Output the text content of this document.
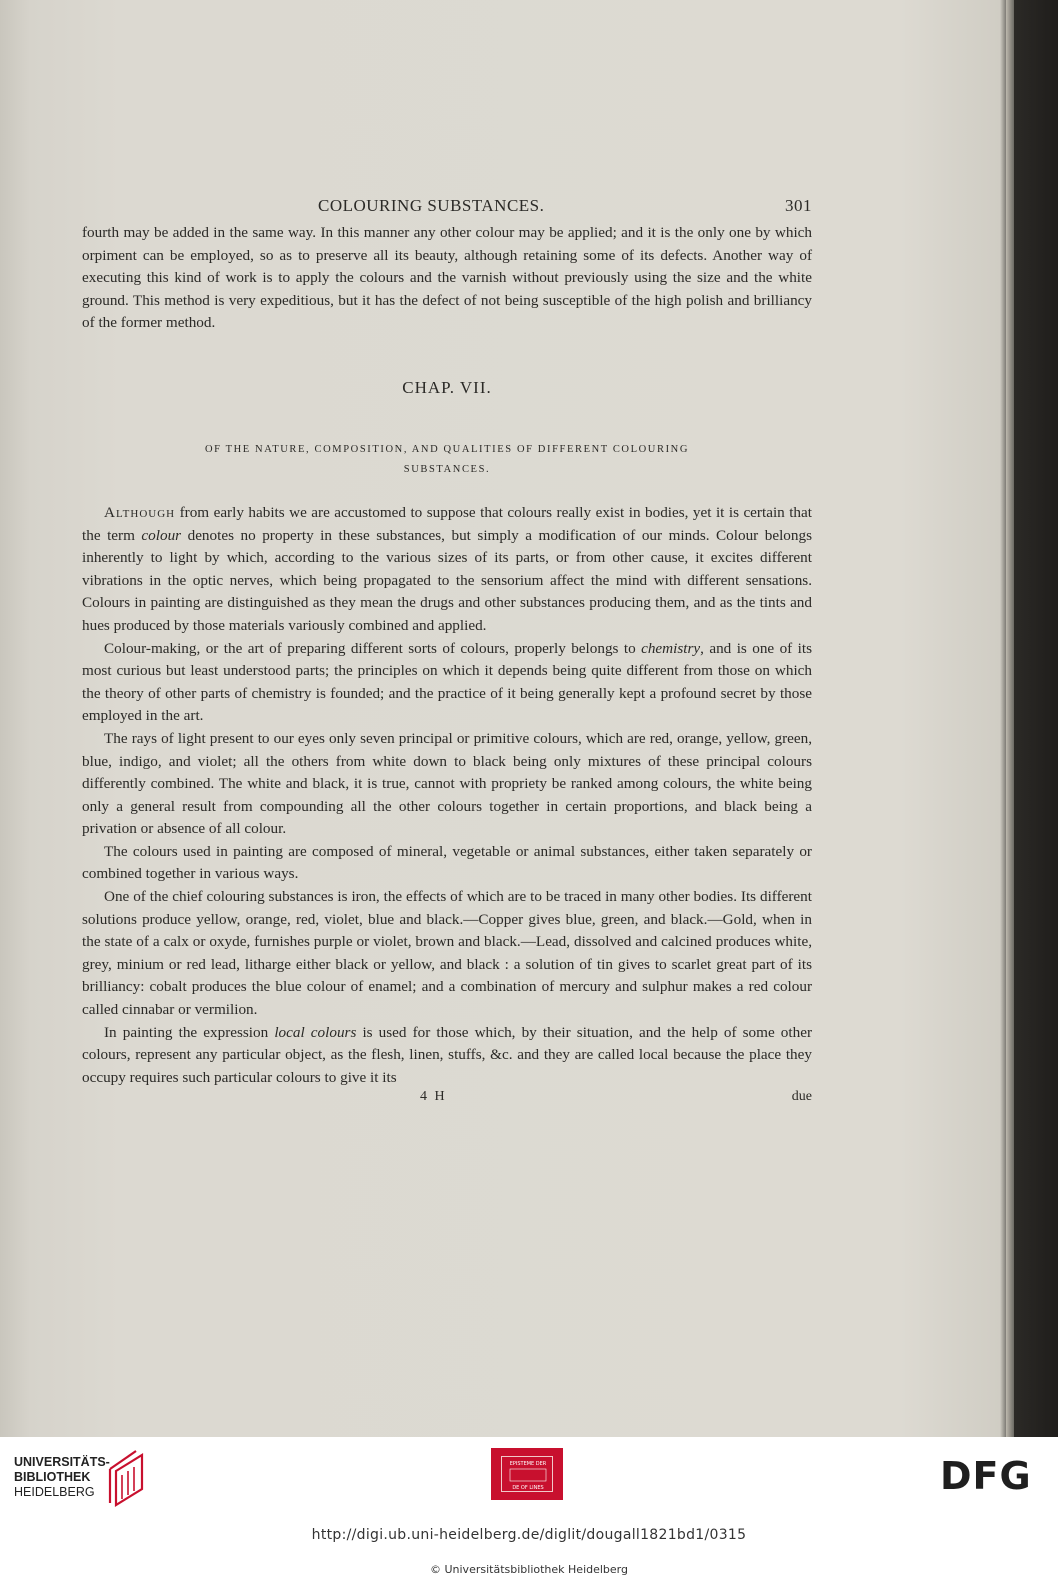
COLOURING SUBSTANCES.	301

fourth may be added in the same way. In this manner any other colour may be applied; and it is the only one by which orpiment can be employed, so as to preserve all its beauty, although retaining some of its defects. Another way of executing this kind of work is to apply the colours and the varnish without previously using the size and the white ground. This method is very expeditious, but it has the defect of not being susceptible of the high polish and brilliancy of the former method.

CHAP. VII.
OF THE NATURE, COMPOSITION, AND QUALITIES OF DIFFERENT COLOURING
SUBSTANCES.

Although from early habits we are accustomed to suppose that colours really exist in bodies, yet it is certain that the term colour denotes no property in these substances, but simply a modification of our minds. Colour belongs inherently to light by which, according to the various sizes of its parts, or from other cause, it excites different vibrations in the optic nerves, which being propagated to the sensorium affect the mind with different sensations. Colours in painting are distinguished as they mean the drugs and other substances producing them, and as the tints and hues produced by those materials variously combined and applied.

Colour-making, or the art of preparing different sorts of colours, properly belongs to chemistry, and is one of its most curious but least understood parts; the principles on which it depends being quite different from those on which the theory of other parts of chemistry is founded; and the practice of it being generally kept a profound secret by those employed in the art.

The rays of light present to our eyes only seven principal or primitive colours, which are red, orange, yellow, green, blue, indigo, and violet; all the others from white down to black being only mixtures of these principal colours differently combined. The white and black, it is true, cannot with propriety be ranked among colours, the white being only a general result from compounding all the other colours together in certain proportions, and black being a privation or absence of all colour.

The colours used in painting are composed of mineral, vegetable or animal substances, either taken separately or combined together in various ways.

One of the chief colouring substances is iron, the effects of which are to be traced in many other bodies. Its different solutions produce yellow, orange, red, violet, blue and black.—Copper gives blue, green, and black.—Gold, when in the state of a calx or oxyde, furnishes purple or violet, brown and black.—Lead, dissolved and calcined produces white, grey, minium or red lead, litharge either black or yellow, and black : a solution of tin gives to scarlet great part of its brilliancy: cobalt produces the blue colour of enamel; and a combination of mercury and sulphur makes a red colour called cinnabar or vermilion.

In painting the expression local colours is used for those which, by their situation, and the help of some other colours, represent any particular object, as the flesh, linen, stuffs, &c. and they are called local because the place they occupy requires such particular colours to give it its

4 H	due
UNIVERSITÄTS-
BIBLIOTHEK
HEIDELBERG
EPISTEME DER
DE OF LINES	DFG
http://digi.ub.uni-heidelberg.de/diglit/dougall1821bd1/0315
© Universitätsbibliothek Heidelberg
